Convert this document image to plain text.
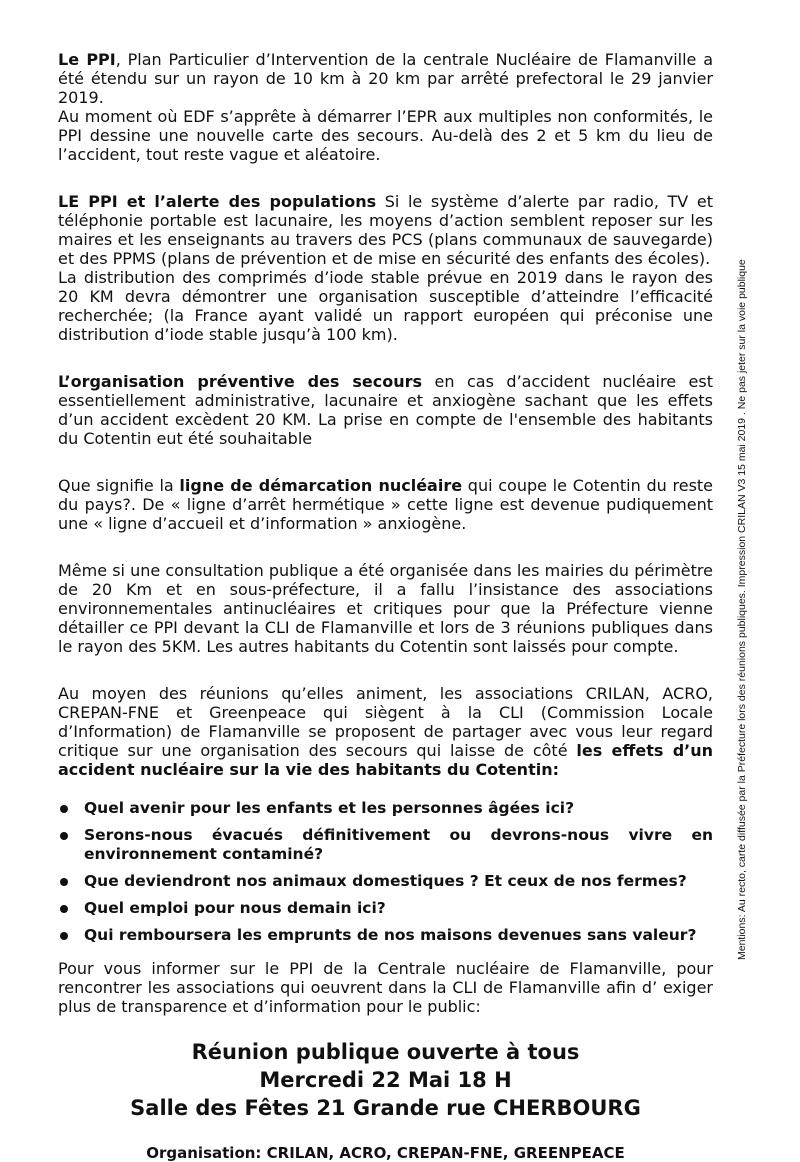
Le PPI, Plan Particulier d’Intervention de la centrale Nucléaire de Flamanville a été étendu sur un rayon de 10 km à 20 km par arrêté prefectoral le 29 janvier 2019.
Au moment où EDF s’apprête à démarrer l’EPR aux multiples non conformités, le PPI dessine une nouvelle carte des secours. Au-delà des 2 et 5 km du lieu de l’accident, tout reste vague et aléatoire.

LE PPI et l’alerte des populations Si le système d’alerte par radio, TV et téléphonie portable est lacunaire, les moyens d’action semblent reposer sur les maires et les enseignants au travers des PCS (plans communaux de sauvegarde) et des PPMS (plans de prévention et de mise en sécurité des enfants des écoles).
La distribution des comprimés d’iode stable prévue en 2019 dans le rayon des 20 KM devra démontrer une organisation susceptible d’atteindre l’efficacité recherchée; (la France ayant validé un rapport européen qui préconise une distribution d’iode stable jusqu’à 100 km).

L’organisation préventive des secours en cas d’accident nucléaire est essentiellement administrative, lacunaire et anxiogène sachant que les effets d’un accident excèdent 20 KM. La prise en compte de l'ensemble des habitants du Cotentin eut été souhaitable

Que signifie la ligne de démarcation nucléaire qui coupe le Cotentin du reste du pays?. De « ligne d’arrêt hermétique » cette ligne est devenue pudiquement une « ligne d’accueil et d’information » anxiogène.

Même si une consultation publique a été organisée dans les mairies du périmètre de 20 Km et en sous-préfecture, il a fallu l’insistance des associations environnementales antinucléaires et critiques pour que la Préfecture vienne détailler ce PPI devant la CLI de Flamanville et lors de 3 réunions publiques dans le rayon des 5KM. Les autres habitants du Cotentin sont laissés pour compte.

Au moyen des réunions qu’elles animent, les associations CRILAN, ACRO, CREPAN-FNE et Greenpeace qui siègent à la CLI (Commission Locale d’Information) de Flamanville se proposent de partager avec vous leur regard critique sur une organisation des secours qui laisse de côté les effets d’un accident nucléaire sur la vie des habitants du Cotentin:

Quel avenir pour les enfants et les personnes âgées ici?
Serons-nous évacués définitivement ou devrons-nous vivre en environnement contaminé?
Que deviendront nos animaux domestiques ? Et ceux de nos fermes?
Quel emploi pour nous demain ici?
Qui remboursera les emprunts de nos maisons devenues sans valeur?

Pour vous informer sur le PPI de la Centrale nucléaire de Flamanville, pour rencontrer les associations qui oeuvrent dans la CLI de Flamanville afin d’ exiger plus de transparence et d’information pour le public:

Réunion publique ouverte à tous

Mercredi 22 Mai 18 H

Salle des Fêtes 21 Grande rue CHERBOURG

Organisation: CRILAN, ACRO, CREPAN-FNE, GREENPEACE

Mentions: Au recto, carte diffusée par la Préfecture lors des réunions publiques. Impression CRILAN V3 15 mai 2019 . Ne pas jeter sur la voie publique
